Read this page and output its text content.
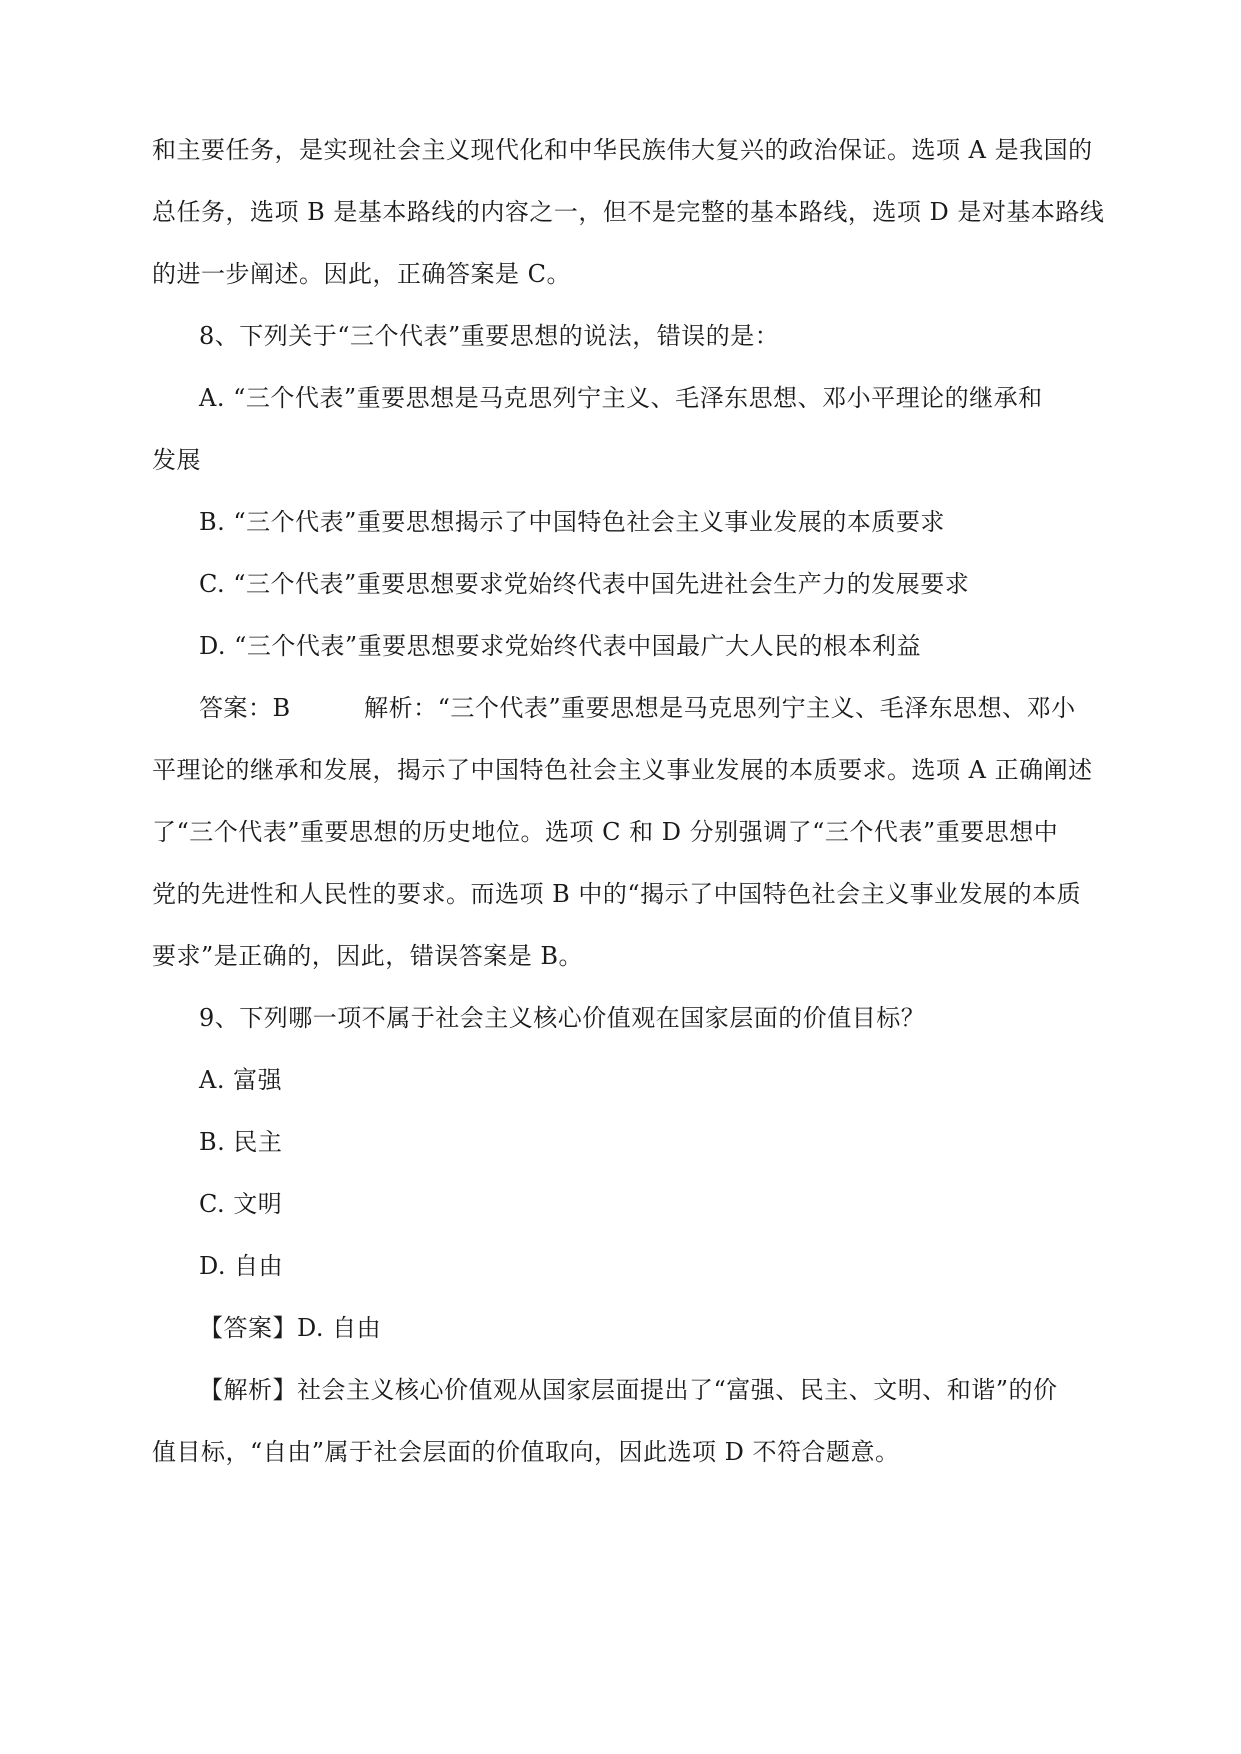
和主要任务，是实现社会主义现代化和中华民族伟大复兴的政治保证。选项 A 是我国的
总任务，选项 B 是基本路线的内容之一，但不是完整的基本路线，选项 D 是对基本路线
的进一步阐述。因此，正确答案是 C。
8、下列关于“三个代表”重要思想的说法，错误的是：
A. “三个代表”重要思想是马克思列宁主义、毛泽东思想、邓小平理论的继承和
发展
B. “三个代表”重要思想揭示了中国特色社会主义事业发展的本质要求
C. “三个代表”重要思想要求党始终代表中国先进社会生产力的发展要求
D. “三个代表”重要思想要求党始终代表中国最广大人民的根本利益
答案：B　　　解析：“三个代表”重要思想是马克思列宁主义、毛泽东思想、邓小
平理论的继承和发展，揭示了中国特色社会主义事业发展的本质要求。选项 A 正确阐述
了“三个代表”重要思想的历史地位。选项 C 和 D 分别强调了“三个代表”重要思想中
党的先进性和人民性的要求。而选项 B 中的“揭示了中国特色社会主义事业发展的本质
要求”是正确的，因此，错误答案是 B。
9、下列哪一项不属于社会主义核心价值观在国家层面的价值目标？
A. 富强
B. 民主
C. 文明
D. 自由
【答案】D. 自由
【解析】社会主义核心价值观从国家层面提出了“富强、民主、文明、和谐”的价
值目标，“自由”属于社会层面的价值取向，因此选项 D 不符合题意。
